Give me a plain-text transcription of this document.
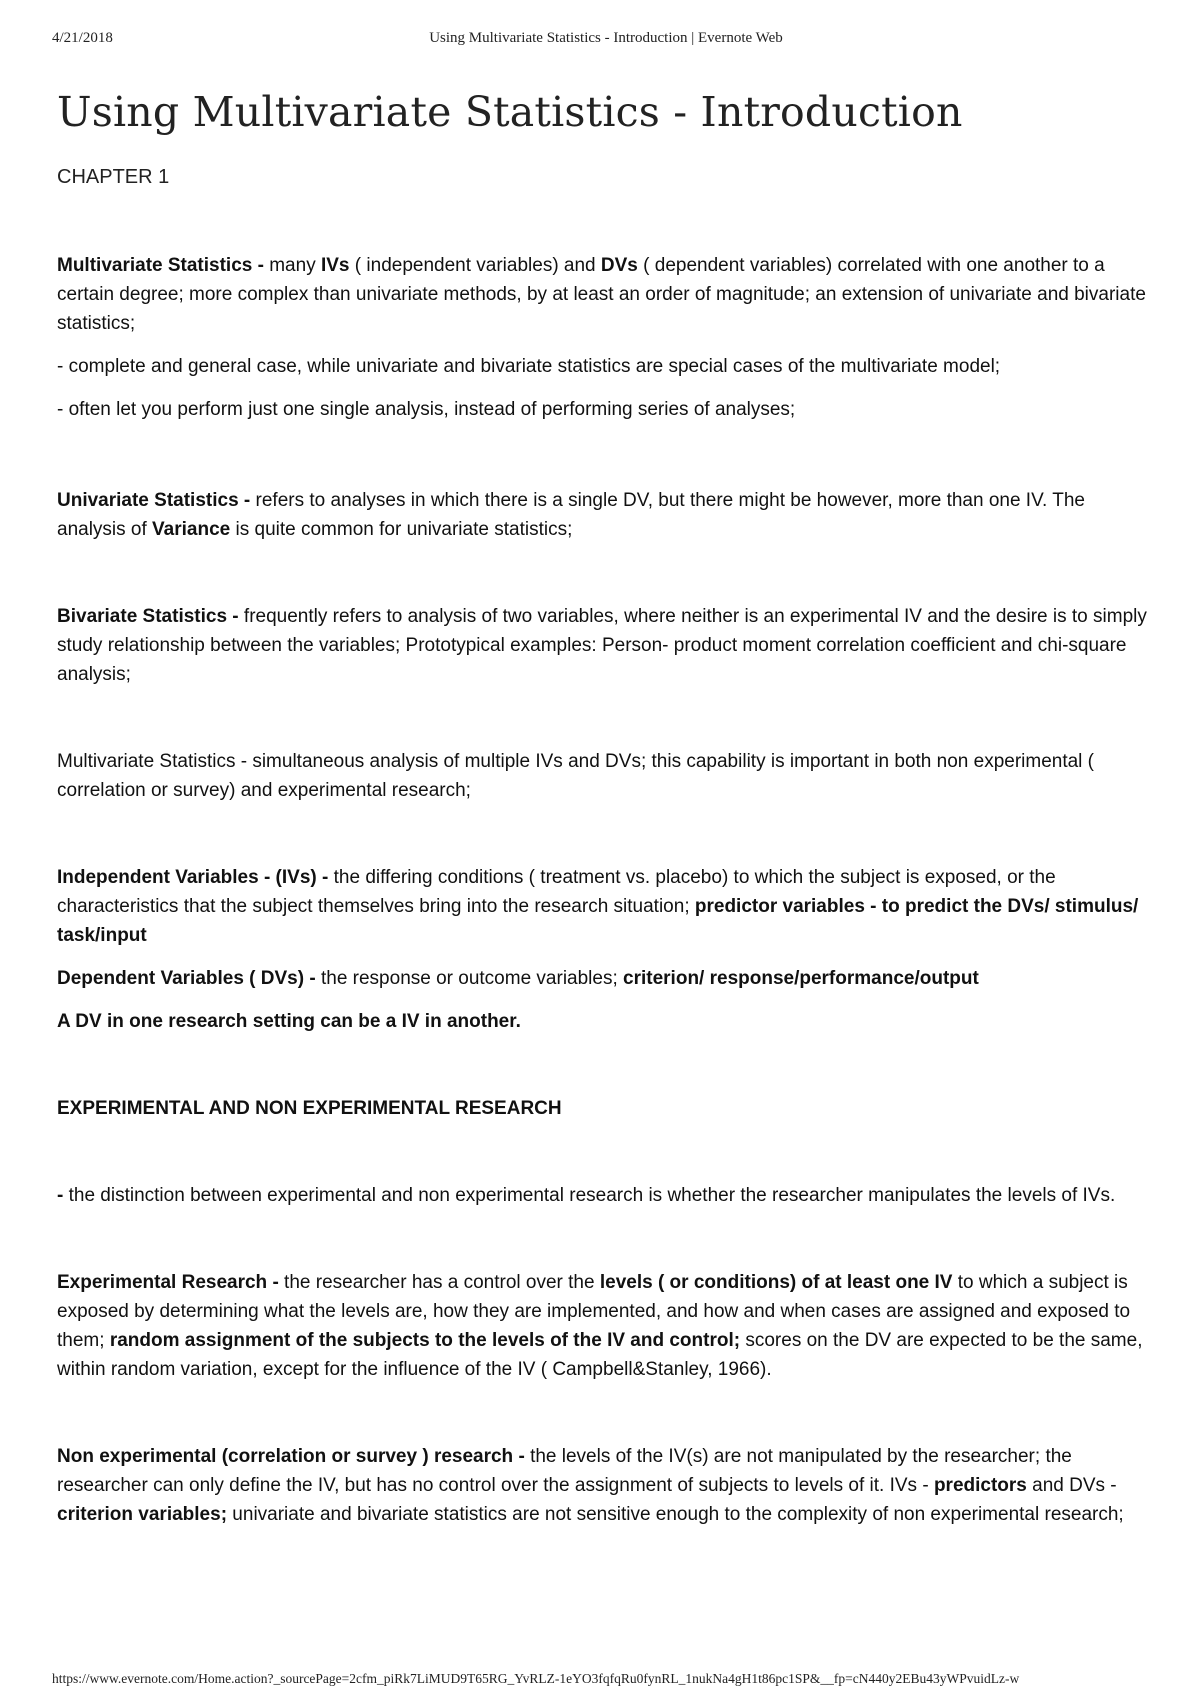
4/21/2018	Using Multivariate Statistics - Introduction | Evernote Web
Using Multivariate Statistics - Introduction
CHAPTER 1

Multivariate Statistics - many IVs ( independent variables) and DVs ( dependent variables) correlated with one another to a certain degree; more complex than univariate methods, by at least an order of magnitude; an extension of univariate and bivariate statistics;

- complete and general case, while univariate and bivariate statistics are special cases of the multivariate model;

- often let you perform just one single analysis, instead of performing series of analyses;

Univariate Statistics - refers to analyses in which there is a single DV, but there might be however, more than one IV. The analysis of Variance is quite common for univariate statistics;

Bivariate Statistics - frequently refers to analysis of two variables, where neither is an experimental IV and the desire is to simply study relationship between the variables; Prototypical examples: Person- product moment correlation coefficient and chi-square analysis;

Multivariate Statistics - simultaneous analysis of multiple IVs and DVs; this capability is important in both non experimental ( correlation or survey) and experimental research;

Independent Variables - (IVs) - the differing conditions ( treatment vs. placebo) to which the subject is exposed, or the characteristics that the subject themselves bring into the research situation; predictor variables - to predict the DVs/ stimulus/ task/input

Dependent Variables ( DVs) - the response or outcome variables; criterion/ response/performance/output

A DV in one research setting can be a IV in another.

EXPERIMENTAL AND NON EXPERIMENTAL RESEARCH

- the distinction between experimental and non experimental research is whether the researcher manipulates the levels of IVs.

Experimental Research - the researcher has a control over the levels ( or conditions) of at least one IV to which a subject is exposed by determining what the levels are, how they are implemented, and how and when cases are assigned and exposed to them; random assignment of the subjects to the levels of the IV and control; scores on the DV are expected to be the same, within random variation, except for the influence of the IV ( Campbell&Stanley, 1966).

Non experimental (correlation or survey ) research - the levels of the IV(s) are not manipulated by the researcher; the researcher can only define the IV, but has no control over the assignment of subjects to levels of it. IVs - predictors and DVs - criterion variables; univariate and bivariate statistics are not sensitive enough to the complexity of non experimental research;

https://www.evernote.com/Home.action?_sourcePage=2cfm_piRk7LiMUD9T65RG_YvRLZ-1eYO3fqfqRu0fynRL_1nukNa4gH1t86pc1SP&__fp=cN440y2EBu43yWPvuidLz-w
